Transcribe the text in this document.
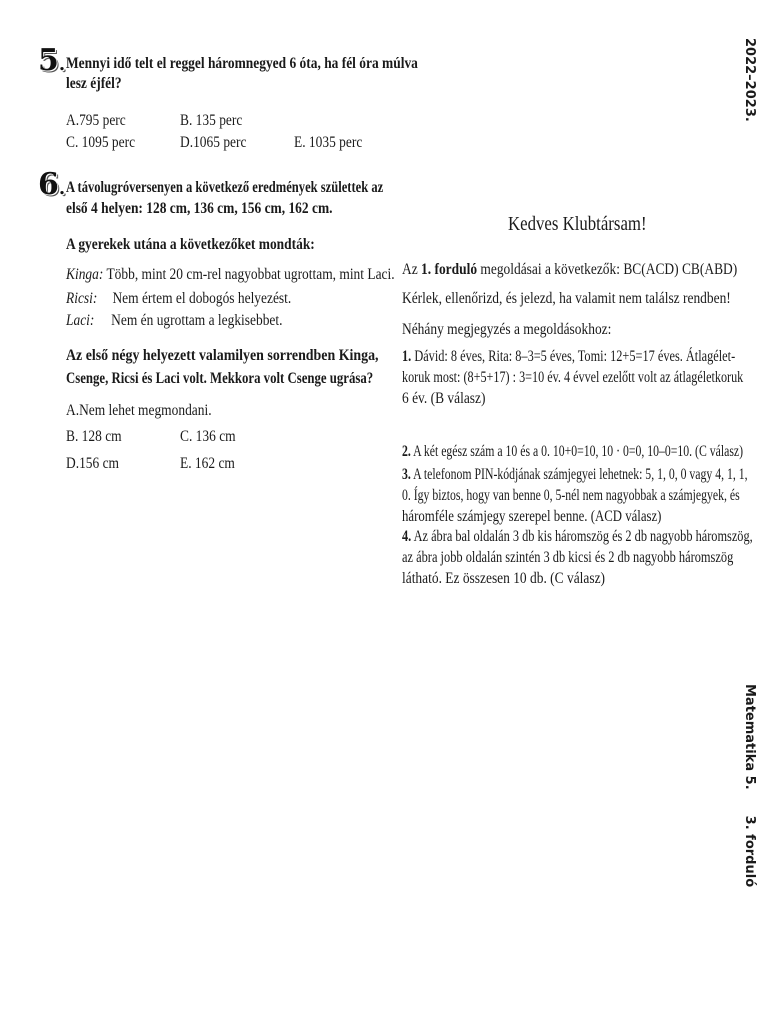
5. Mennyi idő telt el reggel háromnegyed 6 óta, ha fél óra múlva
lesz éjfél?
A.795 perc	B. 135 perc
C. 1095 perc	D.1065 perc	E. 1035 perc
6. A távolugróversenyen a következő eredmények születtek az
első 4 helyen: 128 cm, 136 cm, 156 cm, 162 cm.
A gyerekek utána a következőket mondták:
Kinga: Több, mint 20 cm-rel nagyobbat ugrottam, mint Laci.
Ricsi: Nem értem el dobogós helyezést.
Laci: Nem én ugrottam a legkisebbet.
Az első négy helyezett valamilyen sorrendben Kinga,
Csenge, Ricsi és Laci volt. Mekkora volt Csenge ugrása?
A.Nem lehet megmondani.
B. 128 cm	C. 136 cm
D.156 cm	E. 162 cm
Kedves Klubtársam!
Az 1. forduló megoldásai a következők: BC(ACD) CB(ABD)
Kérlek, ellenőrizd, és jelezd, ha valamit nem találsz rendben!
Néhány megjegyzés a megoldásokhoz:
1. Dávid: 8 éves, Rita: 8–3=5 éves, Tomi: 12+5=17 éves. Átlagélet-
koruk most: (8+5+17) : 3=10 év. 4 évvel ezelőtt volt az átlagéletkoruk
6 év. (B válasz)
2. A két egész szám a 10 és a 0. 10+0=10, 10 · 0=0, 10–0=10. (C válasz)
3. A telefonom PIN-kódjának számjegyei lehetnek: 5, 1, 0, 0 vagy 4, 1, 1,
0. Így biztos, hogy van benne 0, 5-nél nem nagyobbak a számjegyek, és
háromféle számjegy szerepel benne. (ACD válasz)
4. Az ábra bal oldalán 3 db kis háromszög és 2 db nagyobb háromszög,
az ábra jobb oldalán szintén 3 db kicsi és 2 db nagyobb háromszög
látható. Ez összesen 10 db. (C válasz)
2022–2023.
Matematika 5.3. forduló
